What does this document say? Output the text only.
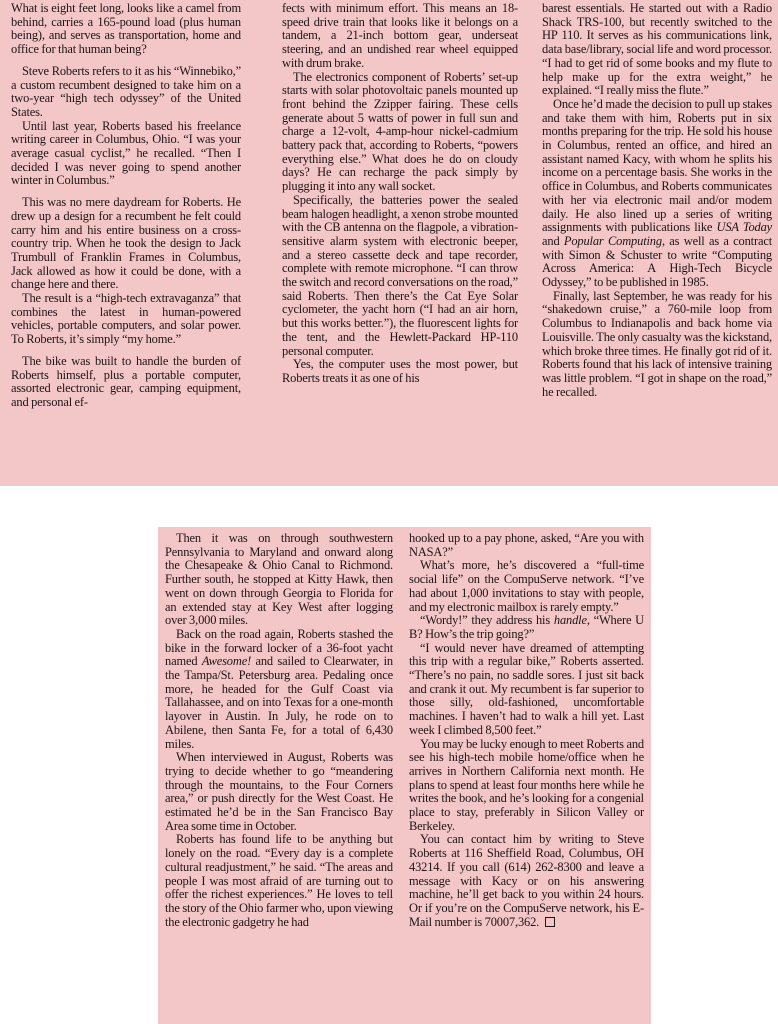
What is eight feet long, looks like a camel from behind, carries a 165-pound load (plus human being), and serves as transportation, home and office for that human being?

Steve Roberts refers to it as his “Winnebiko,” a custom recumbent designed to take him on a two-year “high tech odyssey” of the United States.

Until last year, Roberts based his freelance writing career in Columbus, Ohio. “I was your average casual cyclist,” he recalled. “Then I decided I was never going to spend another winter in Columbus.”

This was no mere daydream for Roberts. He drew up a design for a recumbent he felt could carry him and his entire business on a cross-country trip. When he took the design to Jack Trumbull of Franklin Frames in Columbus, Jack allowed as how it could be done, with a change here and there.

The result is a “high-tech extravaganza” that combines the latest in human-powered vehicles, portable computers, and solar power. To Roberts, it’s simply “my home.”

The bike was built to handle the burden of Roberts himself, plus a portable computer, assorted electronic gear, camping equipment, and personal ef-

fects with minimum effort. This means an 18-speed drive train that looks like it belongs on a tandem, a 21-inch bottom gear, underseat steering, and an undished rear wheel equipped with drum brake.

The electronics component of Roberts’ set-up starts with solar photovoltaic panels mounted up front behind the Zzipper fairing. These cells generate about 5 watts of power in full sun and charge a 12-volt, 4-amp-hour nickel-cadmium battery pack that, according to Roberts, “powers everything else.” What does he do on cloudy days? He can recharge the pack simply by plugging it into any wall socket.

Specifically, the batteries power the sealed beam halogen headlight, a xenon strobe mounted with the CB antenna on the flagpole, a vibration-sensitive alarm system with electronic beeper, and a stereo cassette deck and tape recorder, complete with remote microphone. “I can throw the switch and record conversations on the road,” said Roberts. Then there’s the Cat Eye Solar cyclometer, the yacht horn (“I had an air horn, but this works better.”), the fluorescent lights for the tent, and the Hewlett-Packard HP-110 personal computer.

Yes, the computer uses the most power, but Roberts treats it as one of his

barest essentials. He started out with a Radio Shack TRS-100, but recently switched to the HP 110. It serves as his communications link, data base/library, social life and word processor. “I had to get rid of some books and my flute to help make up for the extra weight,” he explained. “I really miss the flute.”

Once he’d made the decision to pull up stakes and take them with him, Roberts put in six months preparing for the trip. He sold his house in Columbus, rented an office, and hired an assistant named Kacy, with whom he splits his income on a percentage basis. She works in the office in Columbus, and Roberts communicates with her via electronic mail and/or modem daily. He also lined up a series of writing assignments with publications like USA Today and Popular Computing, as well as a contract with Simon & Schuster to write “Computing Across America: A High-Tech Bicycle Odyssey,” to be published in 1985.

Finally, last September, he was ready for his “shakedown cruise,” a 760-mile loop from Columbus to Indianapolis and back home via Louisville. The only casualty was the kickstand, which broke three times. He finally got rid of it. Roberts found that his lack of intensive training was little problem. “I got in shape on the road,” he recalled.

Then it was on through southwestern Pennsylvania to Maryland and onward along the Chesapeake & Ohio Canal to Richmond. Further south, he stopped at Kitty Hawk, then went on down through Georgia to Florida for an extended stay at Key West after logging over 3,000 miles.

Back on the road again, Roberts stashed the bike in the forward locker of a 36-foot yacht named Awesome! and sailed to Clearwater, in the Tampa/St. Petersburg area. Pedaling once more, he headed for the Gulf Coast via Tallahassee, and on into Texas for a one-month layover in Austin. In July, he rode on to Abilene, then Santa Fe, for a total of 6,430 miles.

When interviewed in August, Roberts was trying to decide whether to go “meandering through the mountains, to the Four Corners area,” or push directly for the West Coast. He estimated he’d be in the San Francisco Bay Area some time in October.

Roberts has found life to be anything but lonely on the road. “Every day is a complete cultural readjustment,” he said. “The areas and people I was most afraid of are turning out to offer the richest experiences.” He loves to tell the story of the Ohio farmer who, upon viewing the electronic gadgetry he had

hooked up to a pay phone, asked, “Are you with NASA?”

What’s more, he’s discovered a “full-time social life” on the CompuServe network. “I’ve had about 1,000 invitations to stay with people, and my electronic mailbox is rarely empty.”

“Wordy!” they address his handle, “Where U B? How’s the trip going?”

“I would never have dreamed of attempting this trip with a regular bike,” Roberts asserted. “There’s no pain, no saddle sores. I just sit back and crank it out. My recumbent is far superior to those silly, old-fashioned, uncomfortable machines. I haven’t had to walk a hill yet. Last week I climbed 8,500 feet.”

You may be lucky enough to meet Roberts and see his high-tech mobile home/office when he arrives in Northern California next month. He plans to spend at least four months here while he writes the book, and he’s looking for a congenial place to stay, preferably in Silicon Valley or Berkeley.

You can contact him by writing to Steve Roberts at 116 Sheffield Road, Columbus, OH 43214. If you call (614) 262-8300 and leave a message with Kacy or on his answering machine, he’ll get back to you within 24 hours. Or if you’re on the CompuServe network, his E-Mail number is 70007,362.
